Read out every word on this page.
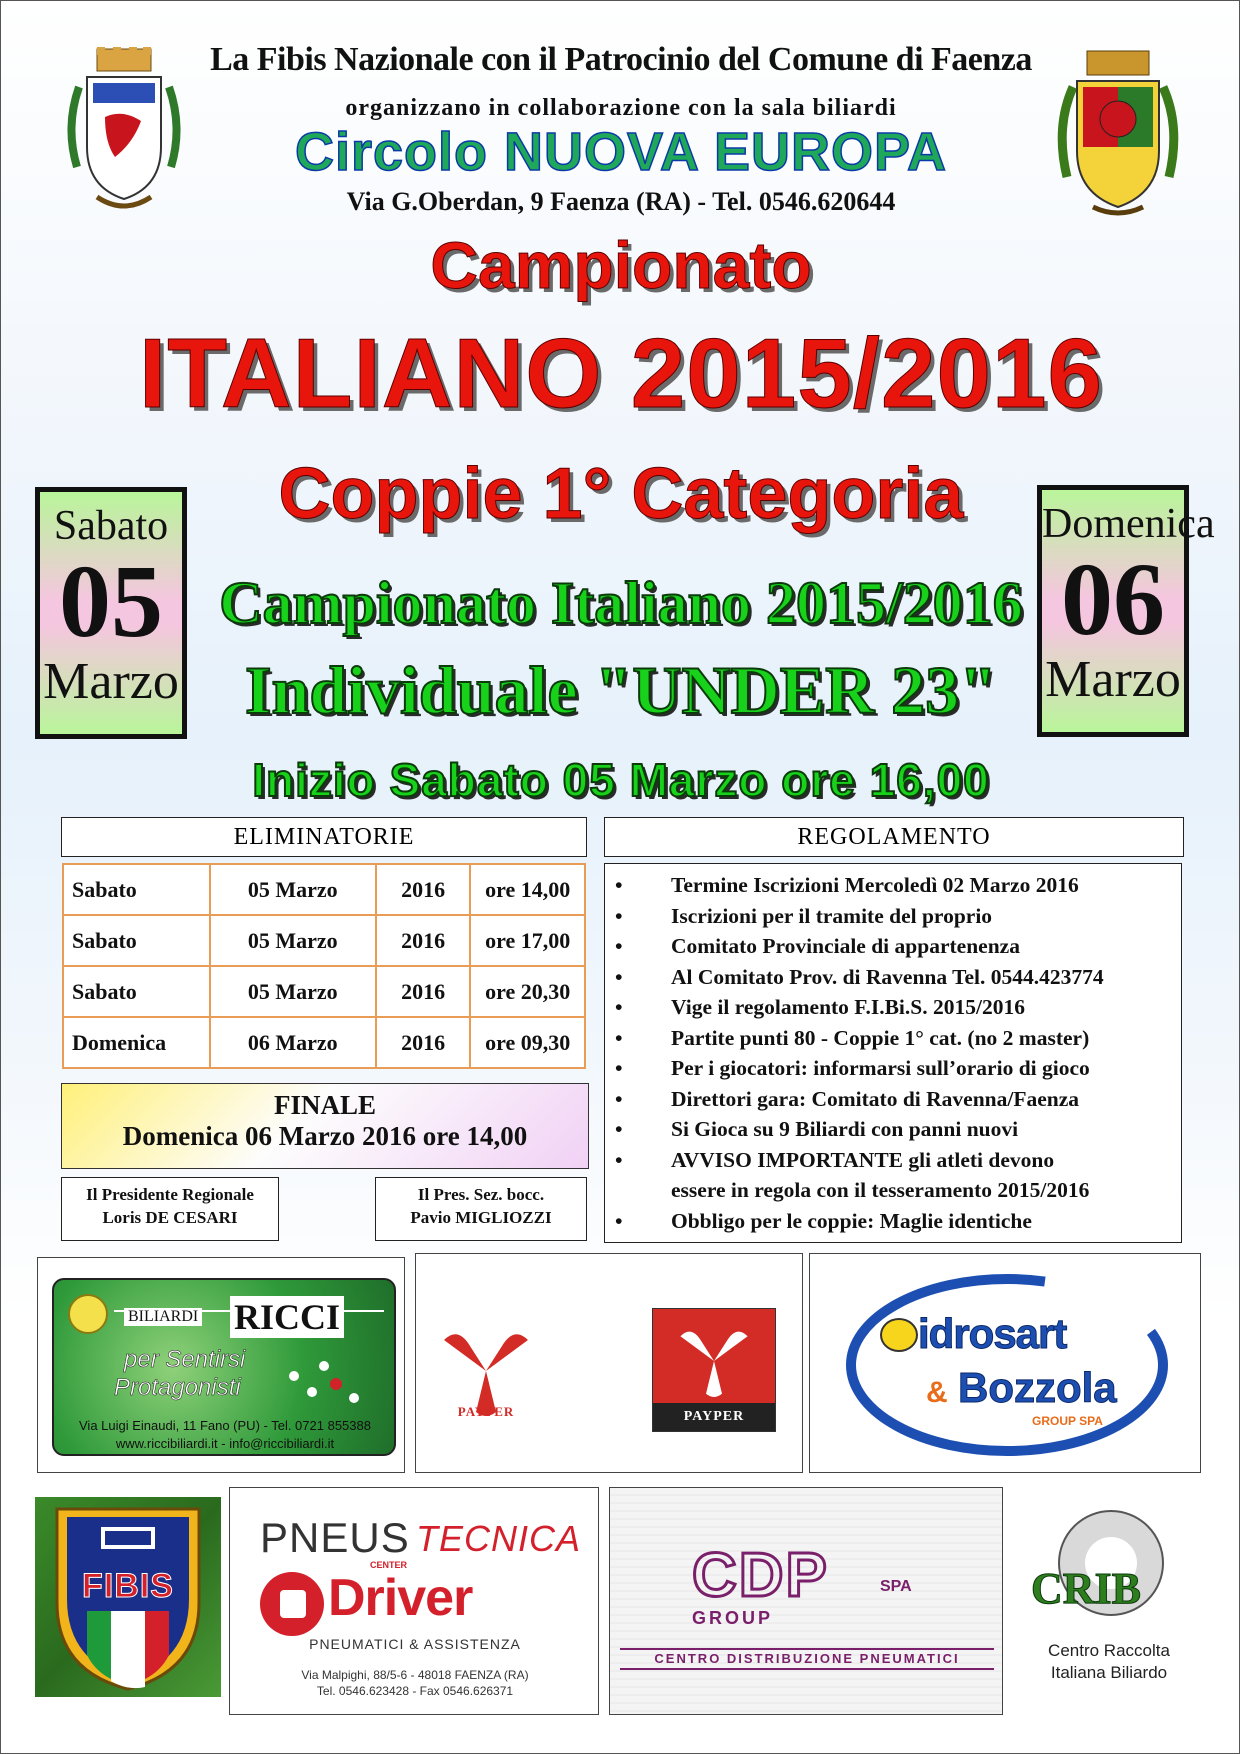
La Fibis Nazionale con il Patrocinio del Comune di Faenza
organizzano in collaborazione con la sala biliardi
Circolo NUOVA EUROPA
Via G.Oberdan, 9 Faenza (RA) - Tel. 0546.620644
Campionato
ITALIANO 2015/2016
Coppie 1° Categoria
Campionato Italiano 2015/2016
Individuale "UNDER 23"
Inizio Sabato 05 Marzo ore 16,00
Sabato
05
Marzo
Domenica
06
Marzo
ELIMINATORIE
Sabato	05 Marzo	2016	ore 14,00
Sabato	05 Marzo	2016	ore 17,00
Sabato	05 Marzo	2016	ore 20,30
Domenica	06 Marzo	2016	ore 09,30
FINALE
Domenica 06 Marzo 2016 ore 14,00
Il Presidente Regionale
Loris DE CESARI
Il Pres. Sez. bocc.
Pavio MIGLIOZZI
REGOLAMENTO
• Termine Iscrizioni Mercoledì 02 Marzo 2016
• Iscrizioni per il tramite del proprio
• Comitato Provinciale di appartenenza
• Al Comitato Prov. di Ravenna Tel. 0544.423774
• Vige il regolamento F.I.Bi.S. 2015/2016
• Partite punti 80 - Coppie 1° cat. (no 2 master)
• Per i giocatori: informarsi sull’orario di gioco
• Direttori gara: Comitato di Ravenna/Faenza
• Si Gioca su 9 Biliardi con panni nuovi
• AVVISO IMPORTANTE gli atleti devono
essere in regola con il tesseramento 2015/2016
• Obbligo per le coppie: Maglie identiche
BILIARDI RICCI
per Sentirsi
Protagonisti
Via Luigi Einaudi, 11 Fano (PU) - Tel. 0721 855388
www.riccibiliardi.it - info@riccibiliardi.it
PAYPER	PAYPER
idrosart
& Bozzola
GROUP SPA
FIBIS
PNEUS TECNICA
Driver
CENTER
PNEUMATICI & ASSISTENZA
Via Malpighi, 88/5-6 - 48018 FAENZA (RA)
Tel. 0546.623428 - Fax 0546.626371
CDP	SPA
GROUP
CENTRO DISTRIBUZIONE PNEUMATICI
CRIB
Centro Raccolta
Italiana Biliardo
